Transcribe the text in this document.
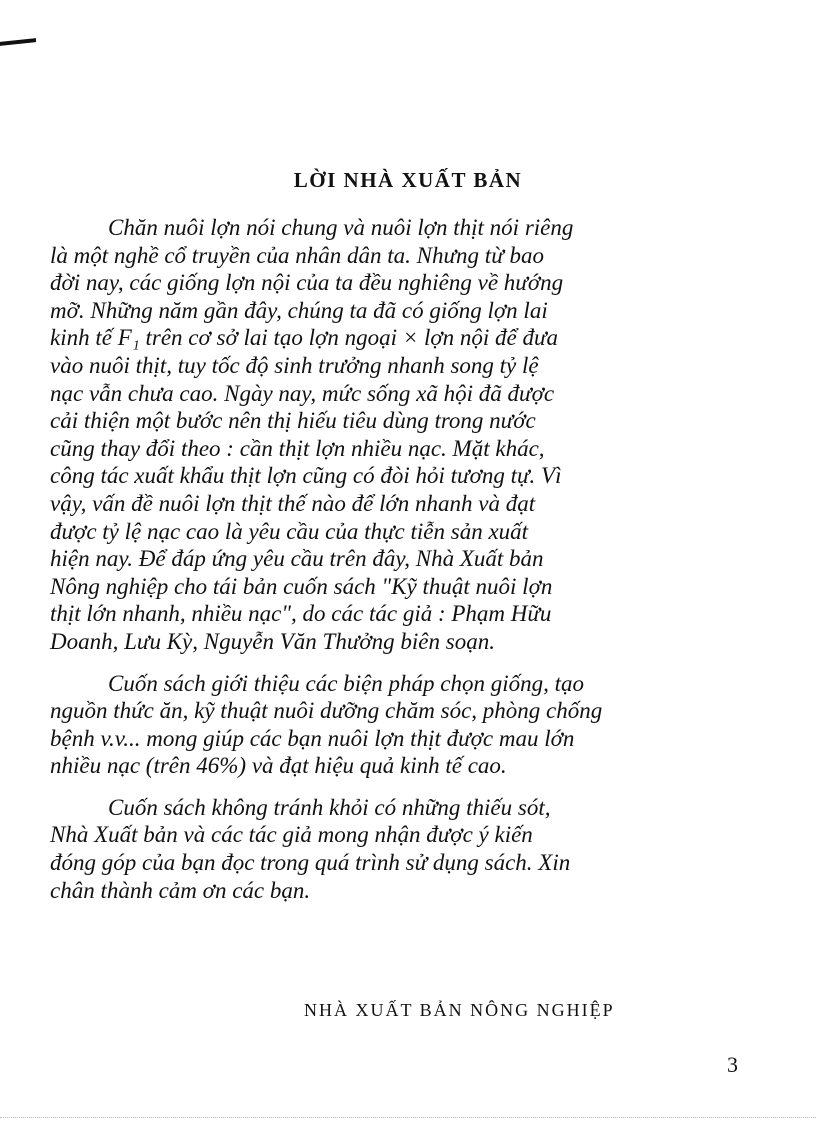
LỜI NHÀ XUẤT BẢN

Chăn nuôi lợn nói chung và nuôi lợn thịt nói riêng
là một nghề cổ truyền của nhân dân ta. Nhưng từ bao
đời nay, các giống lợn nội của ta đều nghiêng về hướng
mỡ. Những năm gần đây, chúng ta đã có giống lợn lai
kinh tế F₁ trên cơ sở lai tạo lợn ngoại × lợn nội để đưa
vào nuôi thịt, tuy tốc độ sinh trưởng nhanh song tỷ lệ
nạc vẫn chưa cao. Ngày nay, mức sống xã hội đã được
cải thiện một bước nên thị hiếu tiêu dùng trong nước
cũng thay đổi theo : cần thịt lợn nhiều nạc. Mặt khác,
công tác xuất khẩu thịt lợn cũng có đòi hỏi tương tự. Vì
vậy, vấn đề nuôi lợn thịt thế nào để lớn nhanh và đạt
được tỷ lệ nạc cao là yêu cầu của thực tiễn sản xuất
hiện nay. Để đáp ứng yêu cầu trên đây, Nhà Xuất bản
Nông nghiệp cho tái bản cuốn sách "Kỹ thuật nuôi lợn
thịt lớn nhanh, nhiều nạc", do các tác giả : Phạm Hữu
Doanh, Lưu Kỳ, Nguyễn Văn Thưởng biên soạn.

Cuốn sách giới thiệu các biện pháp chọn giống, tạo
nguồn thức ăn, kỹ thuật nuôi dưỡng chăm sóc, phòng chống
bệnh v.v... mong giúp các bạn nuôi lợn thịt được mau lớn
nhiều nạc (trên 46%) và đạt hiệu quả kinh tế cao.

Cuốn sách không tránh khỏi có những thiếu sót,
Nhà Xuất bản và các tác giả mong nhận được ý kiến
đóng góp của bạn đọc trong quá trình sử dụng sách. Xin
chân thành cảm ơn các bạn.

NHÀ XUẤT BẢN NÔNG NGHIỆP
3
